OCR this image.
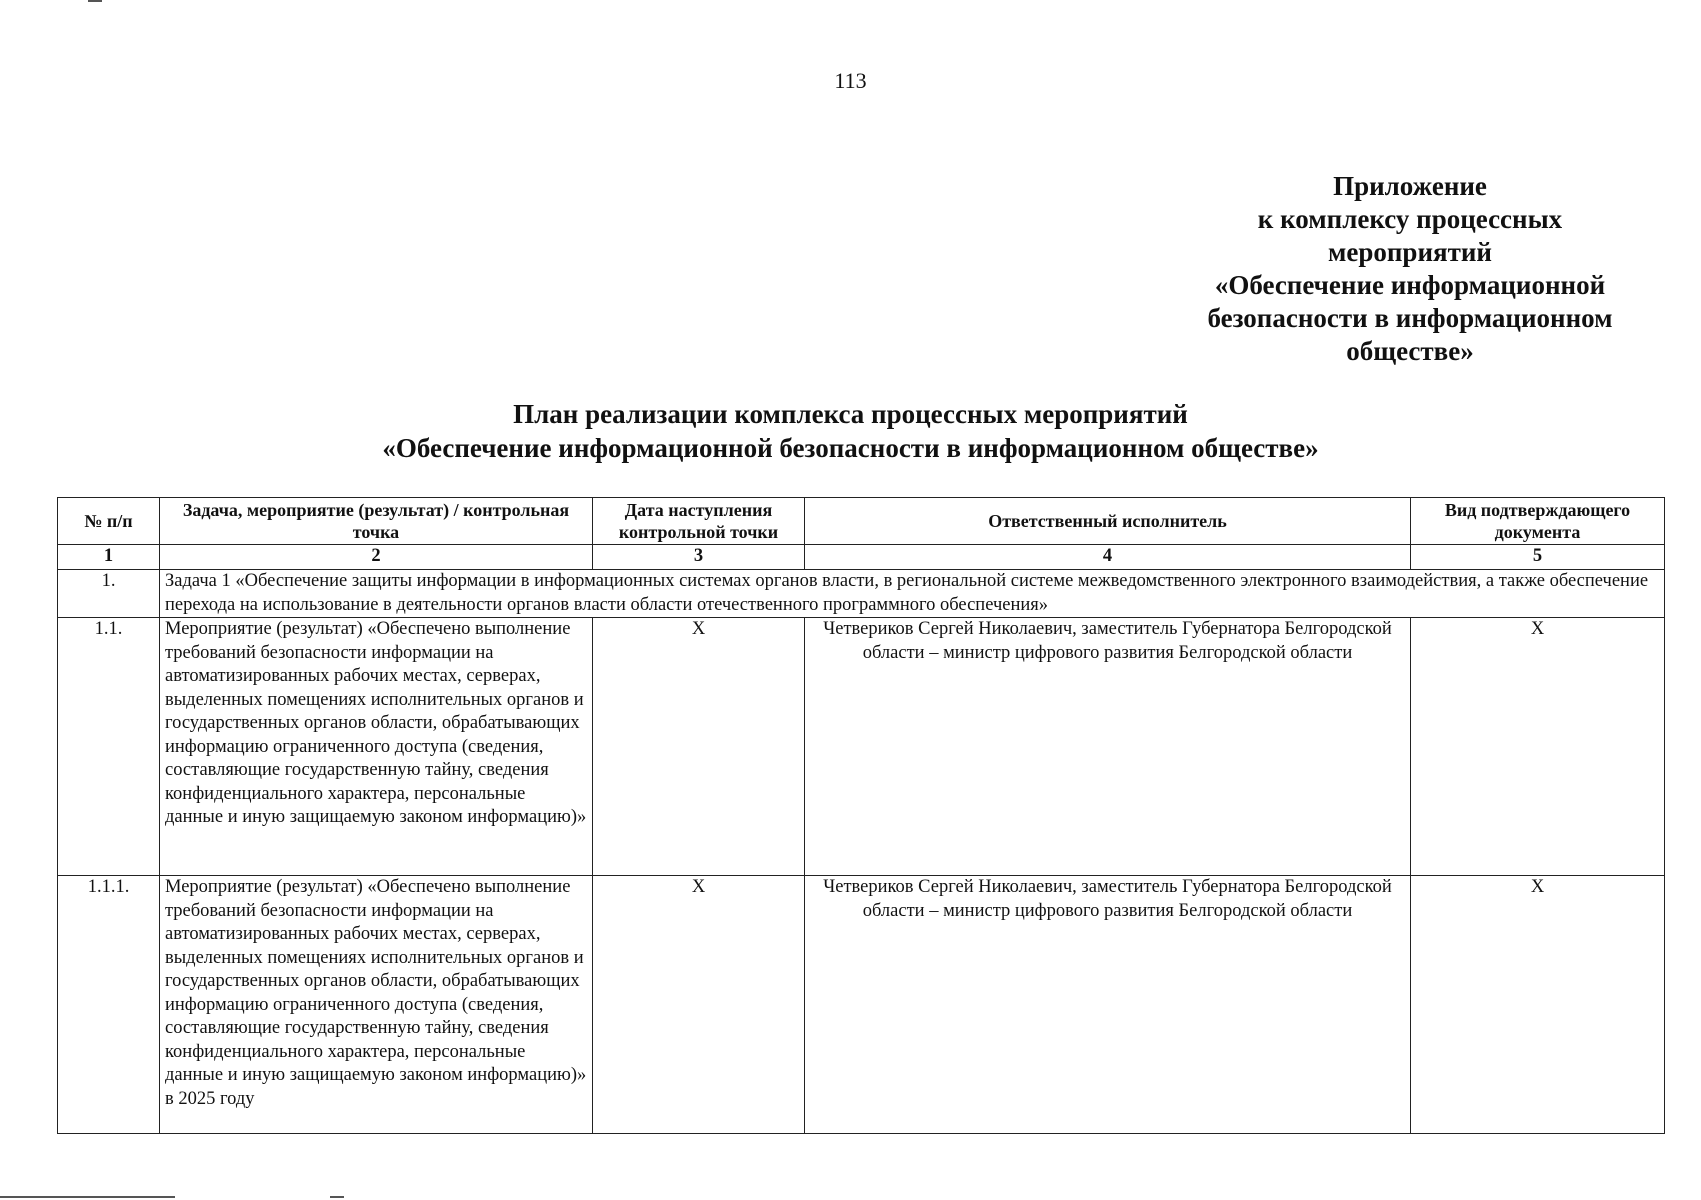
113
Приложение
к комплексу процессных
мероприятий
«Обеспечение информационной
безопасности в информационном
обществе»
План реализации комплекса процессных мероприятий
«Обеспечение информационной безопасности в информационном обществе»
№ п/п	Задача, мероприятие (результат) / контрольная точка	Дата наступления контрольной точки	Ответственный исполнитель	Вид подтверждающего документа
1	2	3	4	5
1.	Задача 1 «Обеспечение защиты информации в информационных системах органов власти, в региональной системе межведомственного электронного взаимодействия, а также обеспечение перехода на использование в деятельности органов власти области отечественного программного обеспечения»			
1.1.	Мероприятие (результат) «Обеспечено выполнение требований безопасности информации на автоматизированных рабочих местах, серверах, выделенных помещениях исполнительных органов и государственных органов области, обрабатывающих информацию ограниченного доступа (сведения, составляющие государственную тайну, сведения конфиденциального характера, персональные данные и иную защищаемую законом информацию)»	X	Четвериков Сергей Николаевич, заместитель Губернатора Белгородской области – министр цифрового развития Белгородской области	X
1.1.1.	Мероприятие (результат) «Обеспечено выполнение требований безопасности информации на автоматизированных рабочих местах, серверах, выделенных помещениях исполнительных органов и государственных органов области, обрабатывающих информацию ограниченного доступа (сведения, составляющие государственную тайну, сведения конфиденциального характера, персональные данные и иную защищаемую законом информацию)» в 2025 году	X	Четвериков Сергей Николаевич, заместитель Губернатора Белгородской области – министр цифрового развития Белгородской области	X
